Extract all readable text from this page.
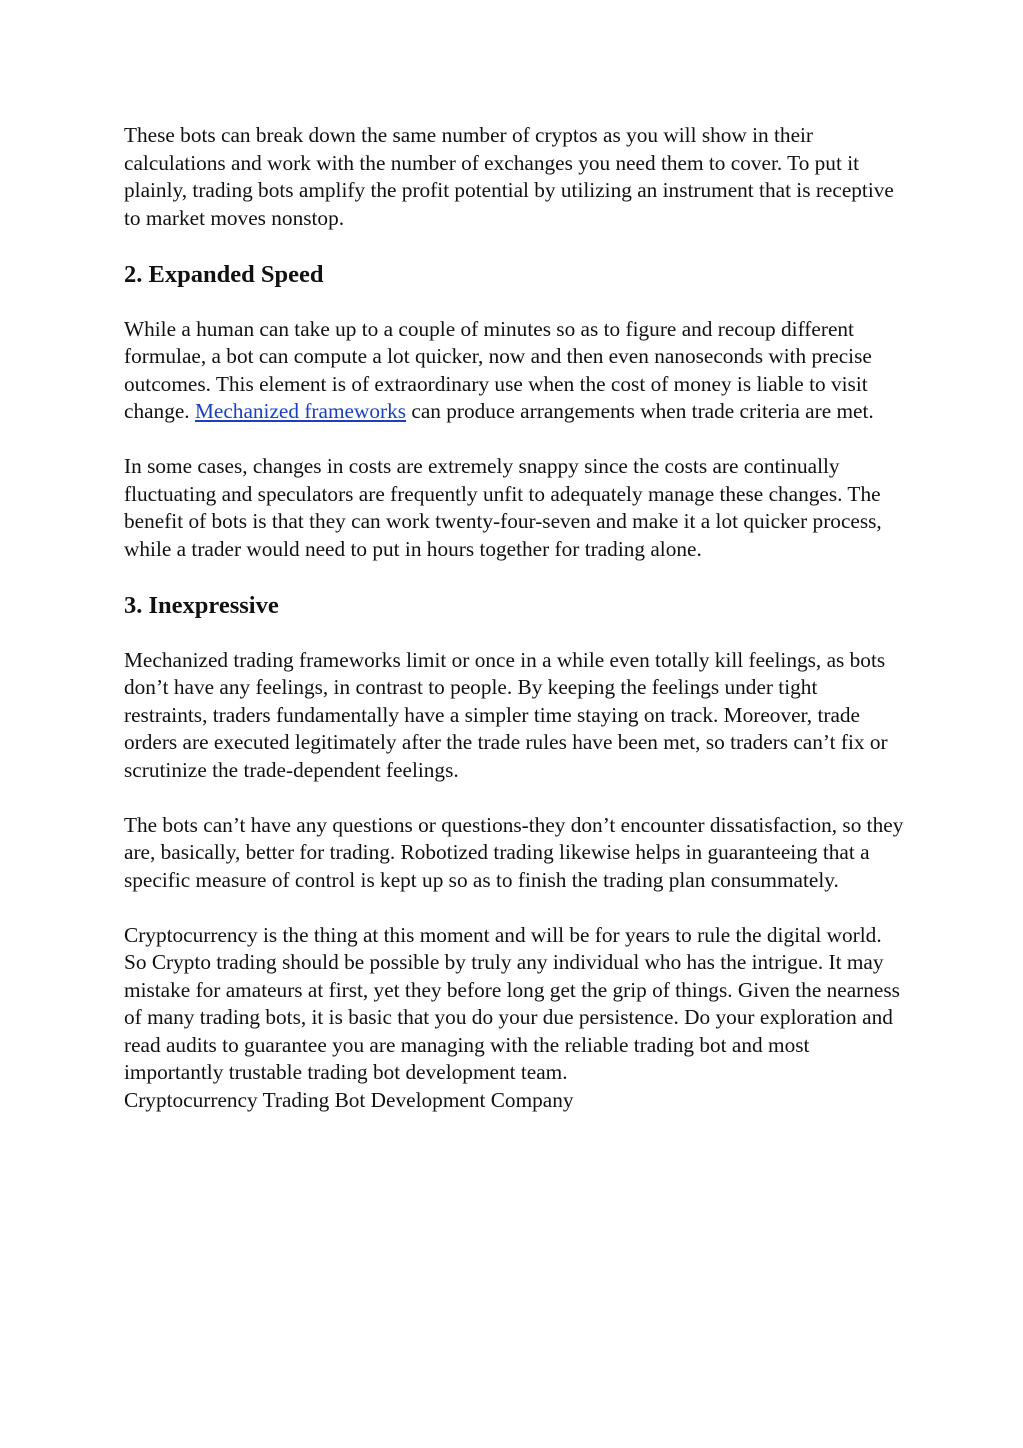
These bots can break down the same number of cryptos as you will show in their calculations and work with the number of exchanges you need them to cover. To put it plainly, trading bots amplify the profit potential by utilizing an instrument that is receptive to market moves nonstop.

2. Expanded Speed

While a human can take up to a couple of minutes so as to figure and recoup different formulae, a bot can compute a lot quicker, now and then even nanoseconds with precise outcomes. This element is of extraordinary use when the cost of money is liable to visit change. Mechanized frameworks can produce arrangements when trade criteria are met.

In some cases, changes in costs are extremely snappy since the costs are continually fluctuating and speculators are frequently unfit to adequately manage these changes. The benefit of bots is that they can work twenty-four-seven and make it a lot quicker process, while a trader would need to put in hours together for trading alone.

3. Inexpressive

Mechanized trading frameworks limit or once in a while even totally kill feelings, as bots don’t have any feelings, in contrast to people. By keeping the feelings under tight restraints, traders fundamentally have a simpler time staying on track. Moreover, trade orders are executed legitimately after the trade rules have been met, so traders can’t fix or scrutinize the trade-dependent feelings.

The bots can’t have any questions or questions-they don’t encounter dissatisfaction, so they are, basically, better for trading. Robotized trading likewise helps in guaranteeing that a specific measure of control is kept up so as to finish the trading plan consummately.

Cryptocurrency is the thing at this moment and will be for years to rule the digital world. So Crypto trading should be possible by truly any individual who has the intrigue. It may mistake for amateurs at first, yet they before long get the grip of things. Given the nearness of many trading bots, it is basic that you do your due persistence. Do your exploration and read audits to guarantee you are managing with the reliable trading bot and most importantly trustable trading bot development team.

Cryptocurrency Trading Bot Development Company
